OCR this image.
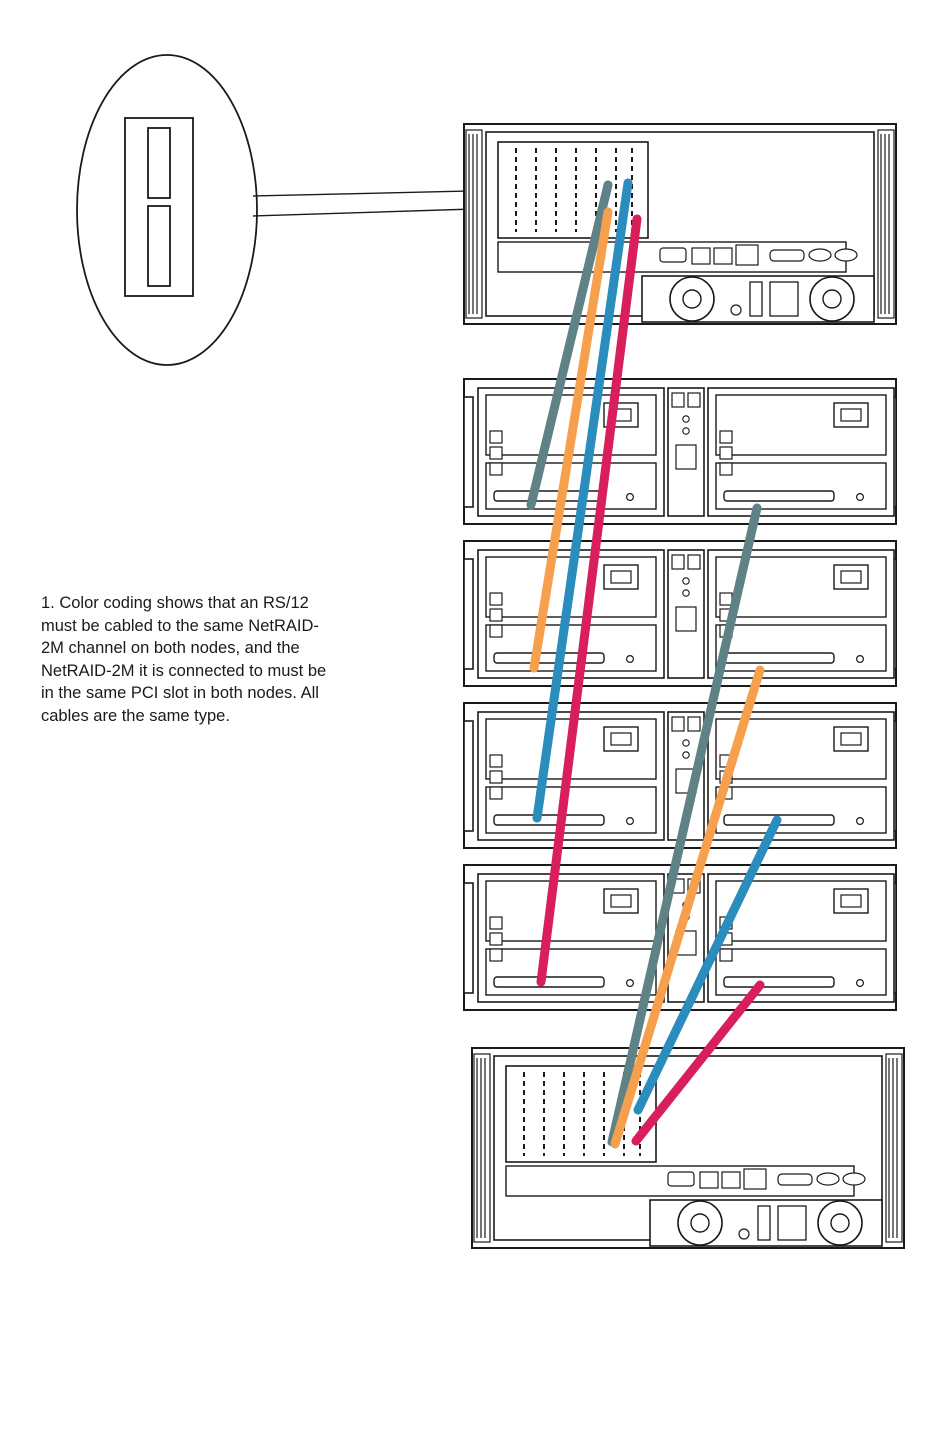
1. Color coding shows that an RS/12 must be cabled to the same NetRAID-2M channel on both nodes, and the NetRAID-2M it is connected to must be in the same PCI slot in both nodes. All cables are the same type.
